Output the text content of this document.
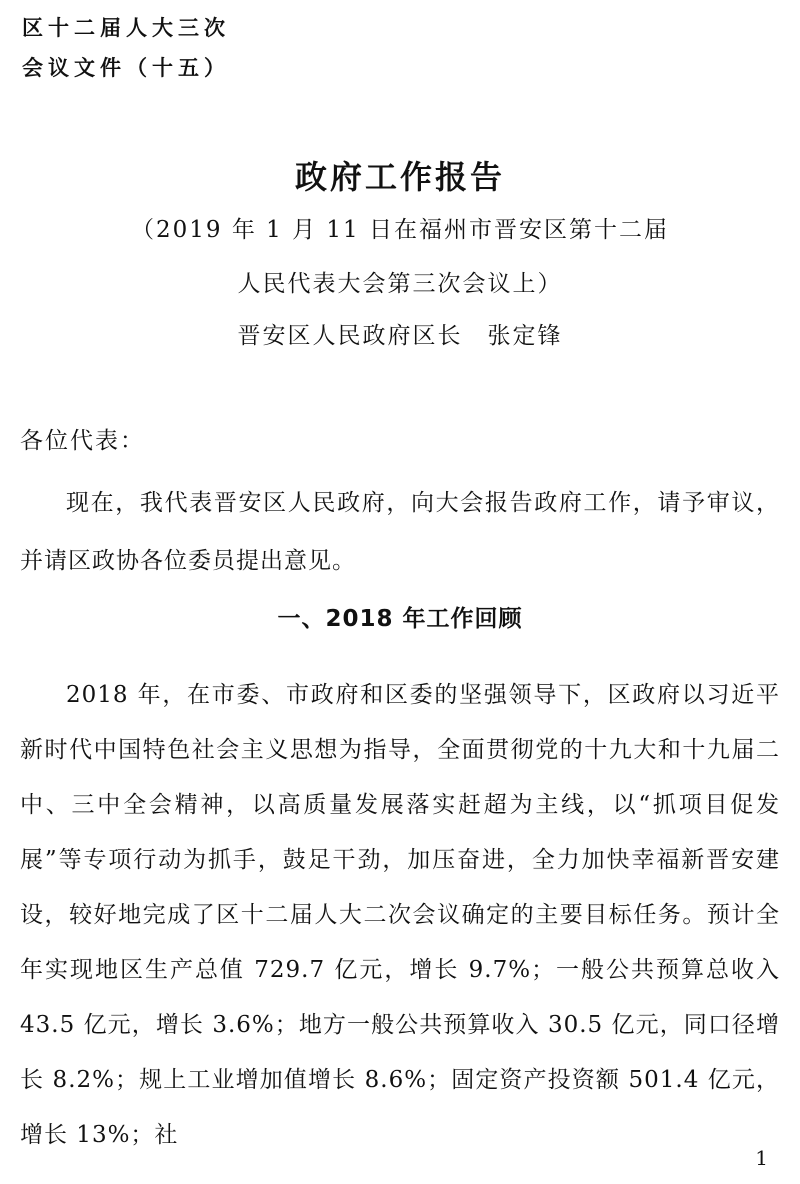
区十二届人大三次
会议文件（十五）
政府工作报告
（2019 年 1 月 11 日在福州市晋安区第十二届
人民代表大会第三次会议上）
晋安区人民政府区长　张定锋
各位代表：

现在，我代表晋安区人民政府，向大会报告政府工作，请予审议，并请区政协各位委员提出意见。

一、2018 年工作回顾

2018 年，在市委、市政府和区委的坚强领导下，区政府以习近平新时代中国特色社会主义思想为指导，全面贯彻党的十九大和十九届二中、三中全会精神，以高质量发展落实赶超为主线，以“抓项目促发展”等专项行动为抓手，鼓足干劲，加压奋进，全力加快幸福新晋安建设，较好地完成了区十二届人大二次会议确定的主要目标任务。预计全年实现地区生产总值 729.7 亿元，增长 9.7%；一般公共预算总收入 43.5 亿元，增长 3.6%；地方一般公共预算收入 30.5 亿元，同口径增长 8.2%；规上工业增加值增长 8.6%；固定资产投资额 501.4 亿元，增长 13%；社

1
